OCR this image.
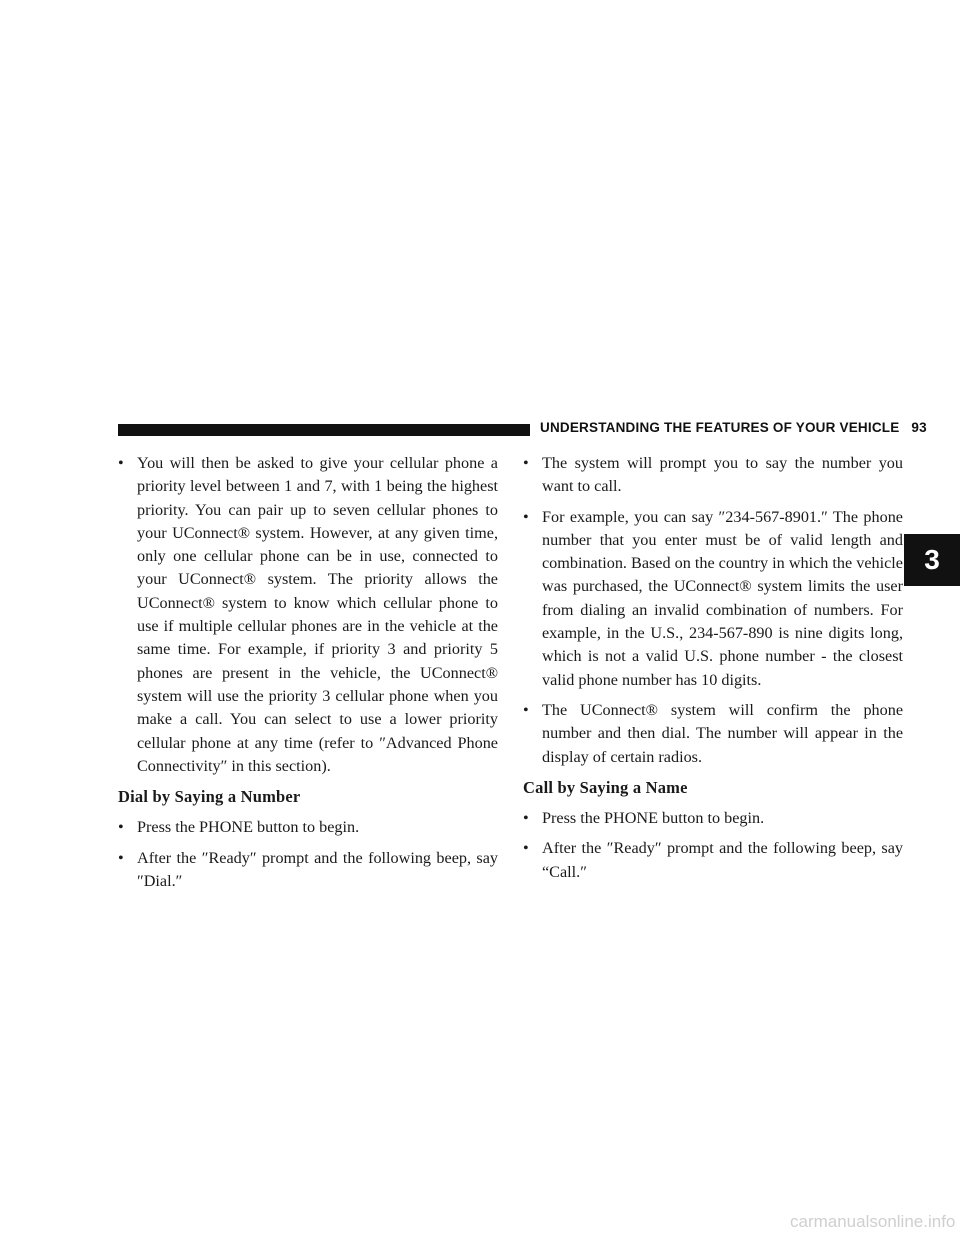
UNDERSTANDING THE FEATURES OF YOUR VEHICLE 93
3

• You will then be asked to give your cellular phone a priority level between 1 and 7, with 1 being the highest priority. You can pair up to seven cellular phones to your UConnect® system. However, at any given time, only one cellular phone can be in use, connected to your UConnect® system. The priority allows the UConnect® system to know which cellular phone to use if multiple cellular phones are in the vehicle at the same time. For example, if priority 3 and priority 5 phones are present in the vehicle, the UConnect® system will use the priority 3 cellular phone when you make a call. You can select to use a lower priority cellular phone at any time (refer to ″Advanced Phone Connectivity″ in this section).

Dial by Saying a Number

• Press the PHONE button to begin.

• After the ″Ready″ prompt and the following beep, say ″Dial.″

• The system will prompt you to say the number you want to call.

• For example, you can say ″234-567-8901.″ The phone number that you enter must be of valid length and combination. Based on the country in which the vehicle was purchased, the UConnect® system limits the user from dialing an invalid combination of numbers. For example, in the U.S., 234-567-890 is nine digits long, which is not a valid U.S. phone number - the closest valid phone number has 10 digits.

• The UConnect® system will confirm the phone number and then dial. The number will appear in the display of certain radios.

Call by Saying a Name

• Press the PHONE button to begin.

• After the ″Ready″ prompt and the following beep, say “Call.″

carmanualsonline.info
